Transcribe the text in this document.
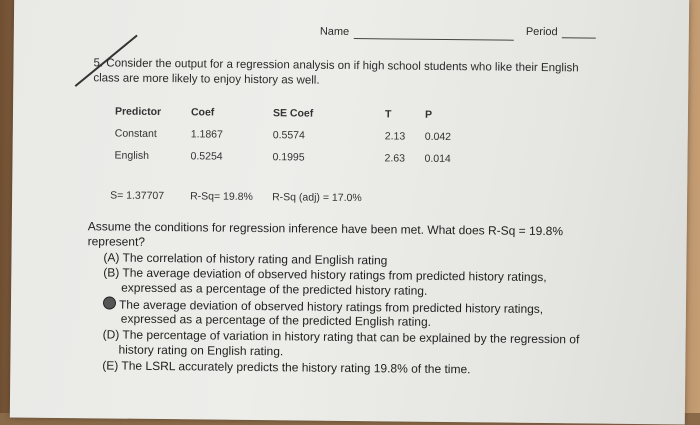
Name	Period
5. Consider the output for a regression analysis on if high school students who like their English
class are more likely to enjoy history as well.
Predictor	Coef	SE Coef	T	P
Constant	1.1867	0.5574	2.13 0.042
English	0.5254	0.1995	2.63 0.014
S= 1.37707 R-Sq= 19.8% R-Sq (adj) = 17.0%
Assume the conditions for regression inference have been met. What does R-Sq = 19.8%
represent?
(A) The correlation of history rating and English rating
(B) The average deviation of observed history ratings from predicted history ratings,
expressed as a percentage of the predicted history rating.
The average deviation of observed history ratings from predicted history ratings,
expressed as a percentage of the predicted English rating.
(D) The percentage of variation in history rating that can be explained by the regression of
history rating on English rating.
(E) The LSRL accurately predicts the history rating 19.8% of the time.
